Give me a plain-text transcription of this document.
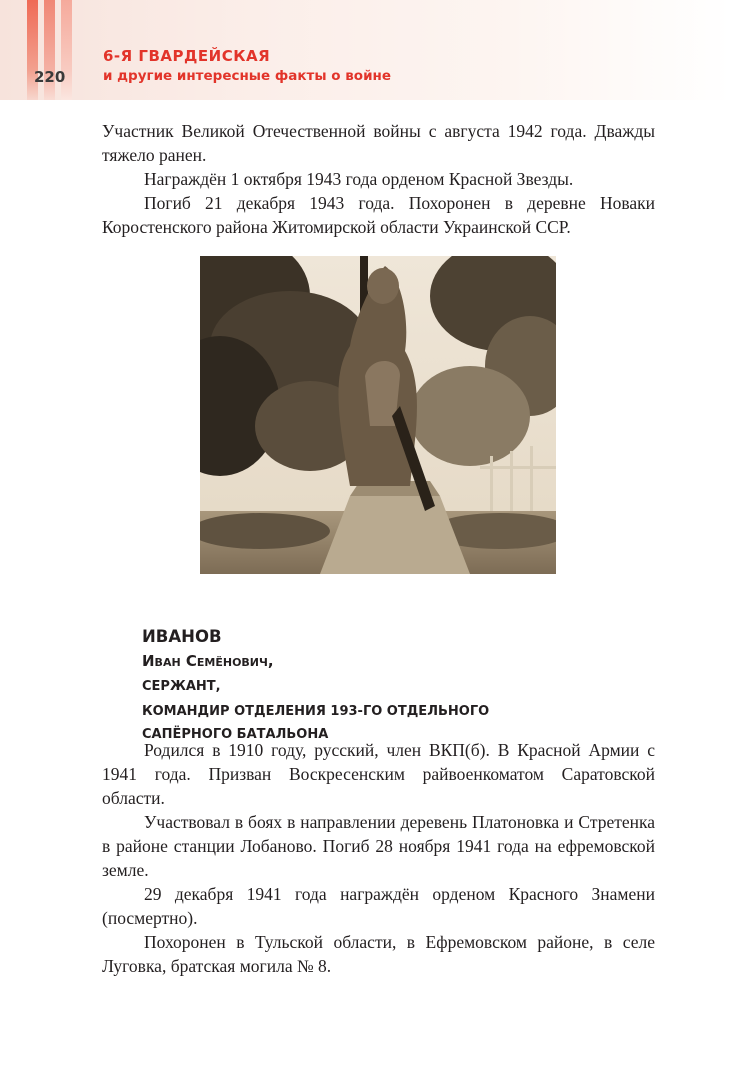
220
6-Я ГВАРДЕЙСКАЯ
и другие интересные факты о войне

Участник Великой Отечественной войны с августа 1942 года. Дважды тяжело ранен.

Награждён 1 октября 1943 года орденом Красной Звезды.

Погиб 21 декабря 1943 года. Похоронен в деревне Новаки Коростенского района Житомирской области Украинской ССР.

ИВАНОВ
Иван Семёнович,
СЕРЖАНТ,
КОМАНДИР ОТДЕЛЕНИЯ 193-ГО ОТДЕЛЬНОГО
САПЁРНОГО БАТАЛЬОНА

Родился в 1910 году, русский, член ВКП(б). В Красной Армии с 1941 года. Призван Воскресенским райвоенкоматом Саратовской области.

Участвовал в боях в направлении деревень Платоновка и Стретенка в районе станции Лобаново. Погиб 28 ноября 1941 года на ефремовской земле.

29 декабря 1941 года награждён орденом Красного Знамени (посмертно).

Похоронен в Тульской области, в Ефремовском районе, в селе Луговка, братская могила № 8.
